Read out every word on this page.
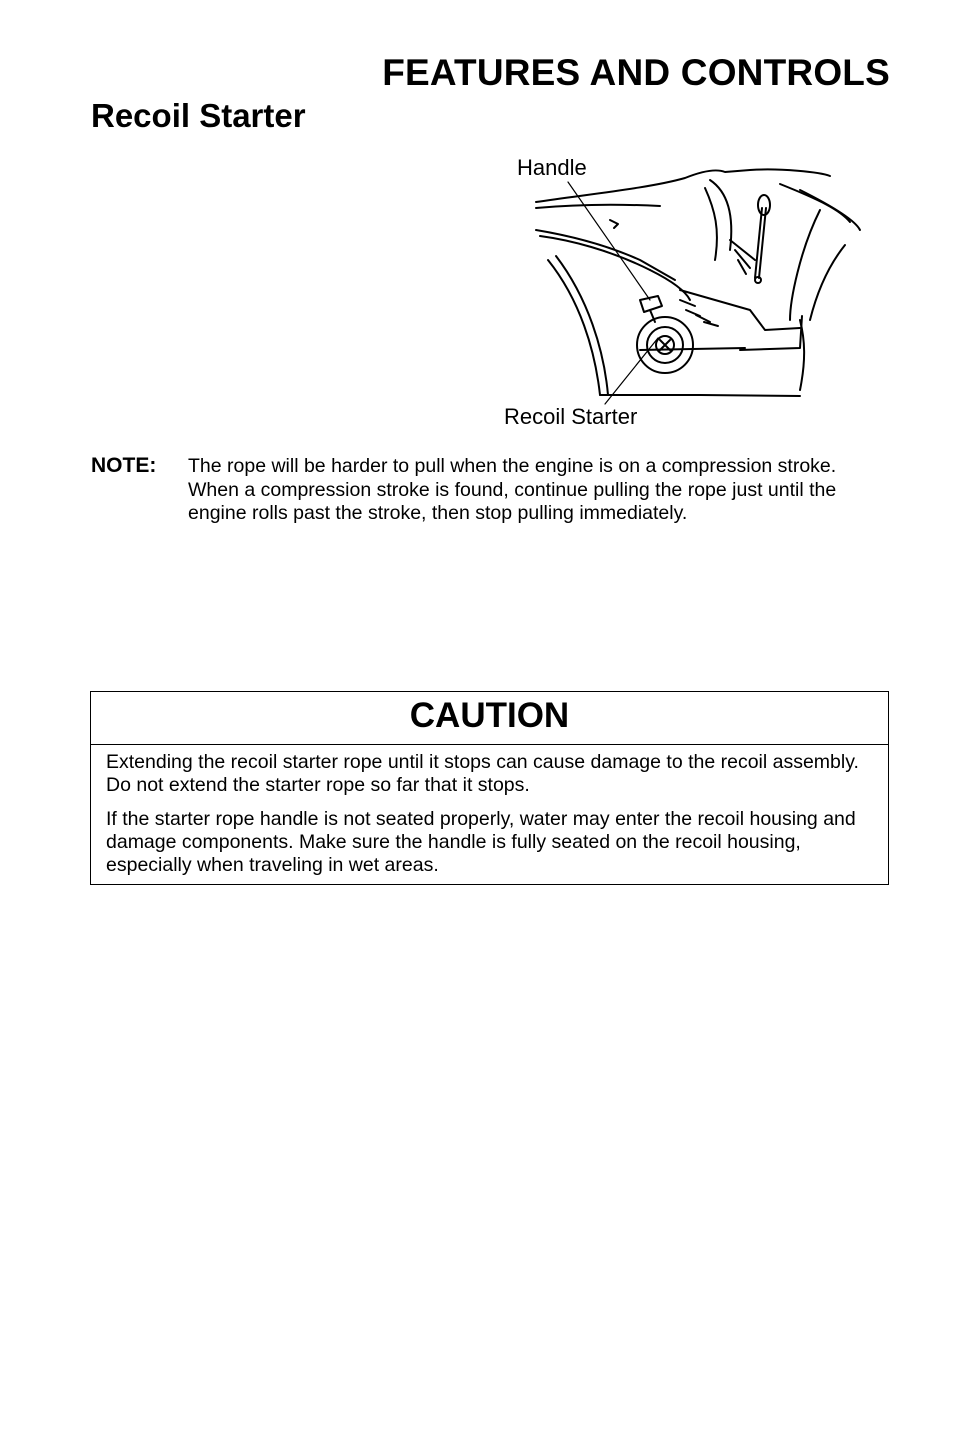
FEATURES AND CONTROLS
Recoil Starter
Handle
Recoil Starter
NOTE: The rope will be harder to pull when the engine is on a compression stroke. When a compression stroke is found, continue pulling the rope just until the engine rolls past the stroke, then stop pulling immediately.
CAUTION

Extending the recoil starter rope until it stops can cause damage to the recoil assembly. Do not extend the starter rope so far that it stops.

If the starter rope handle is not seated properly, water may enter the recoil housing and damage components. Make sure the handle is fully seated on the recoil housing, especially when traveling in wet areas.
